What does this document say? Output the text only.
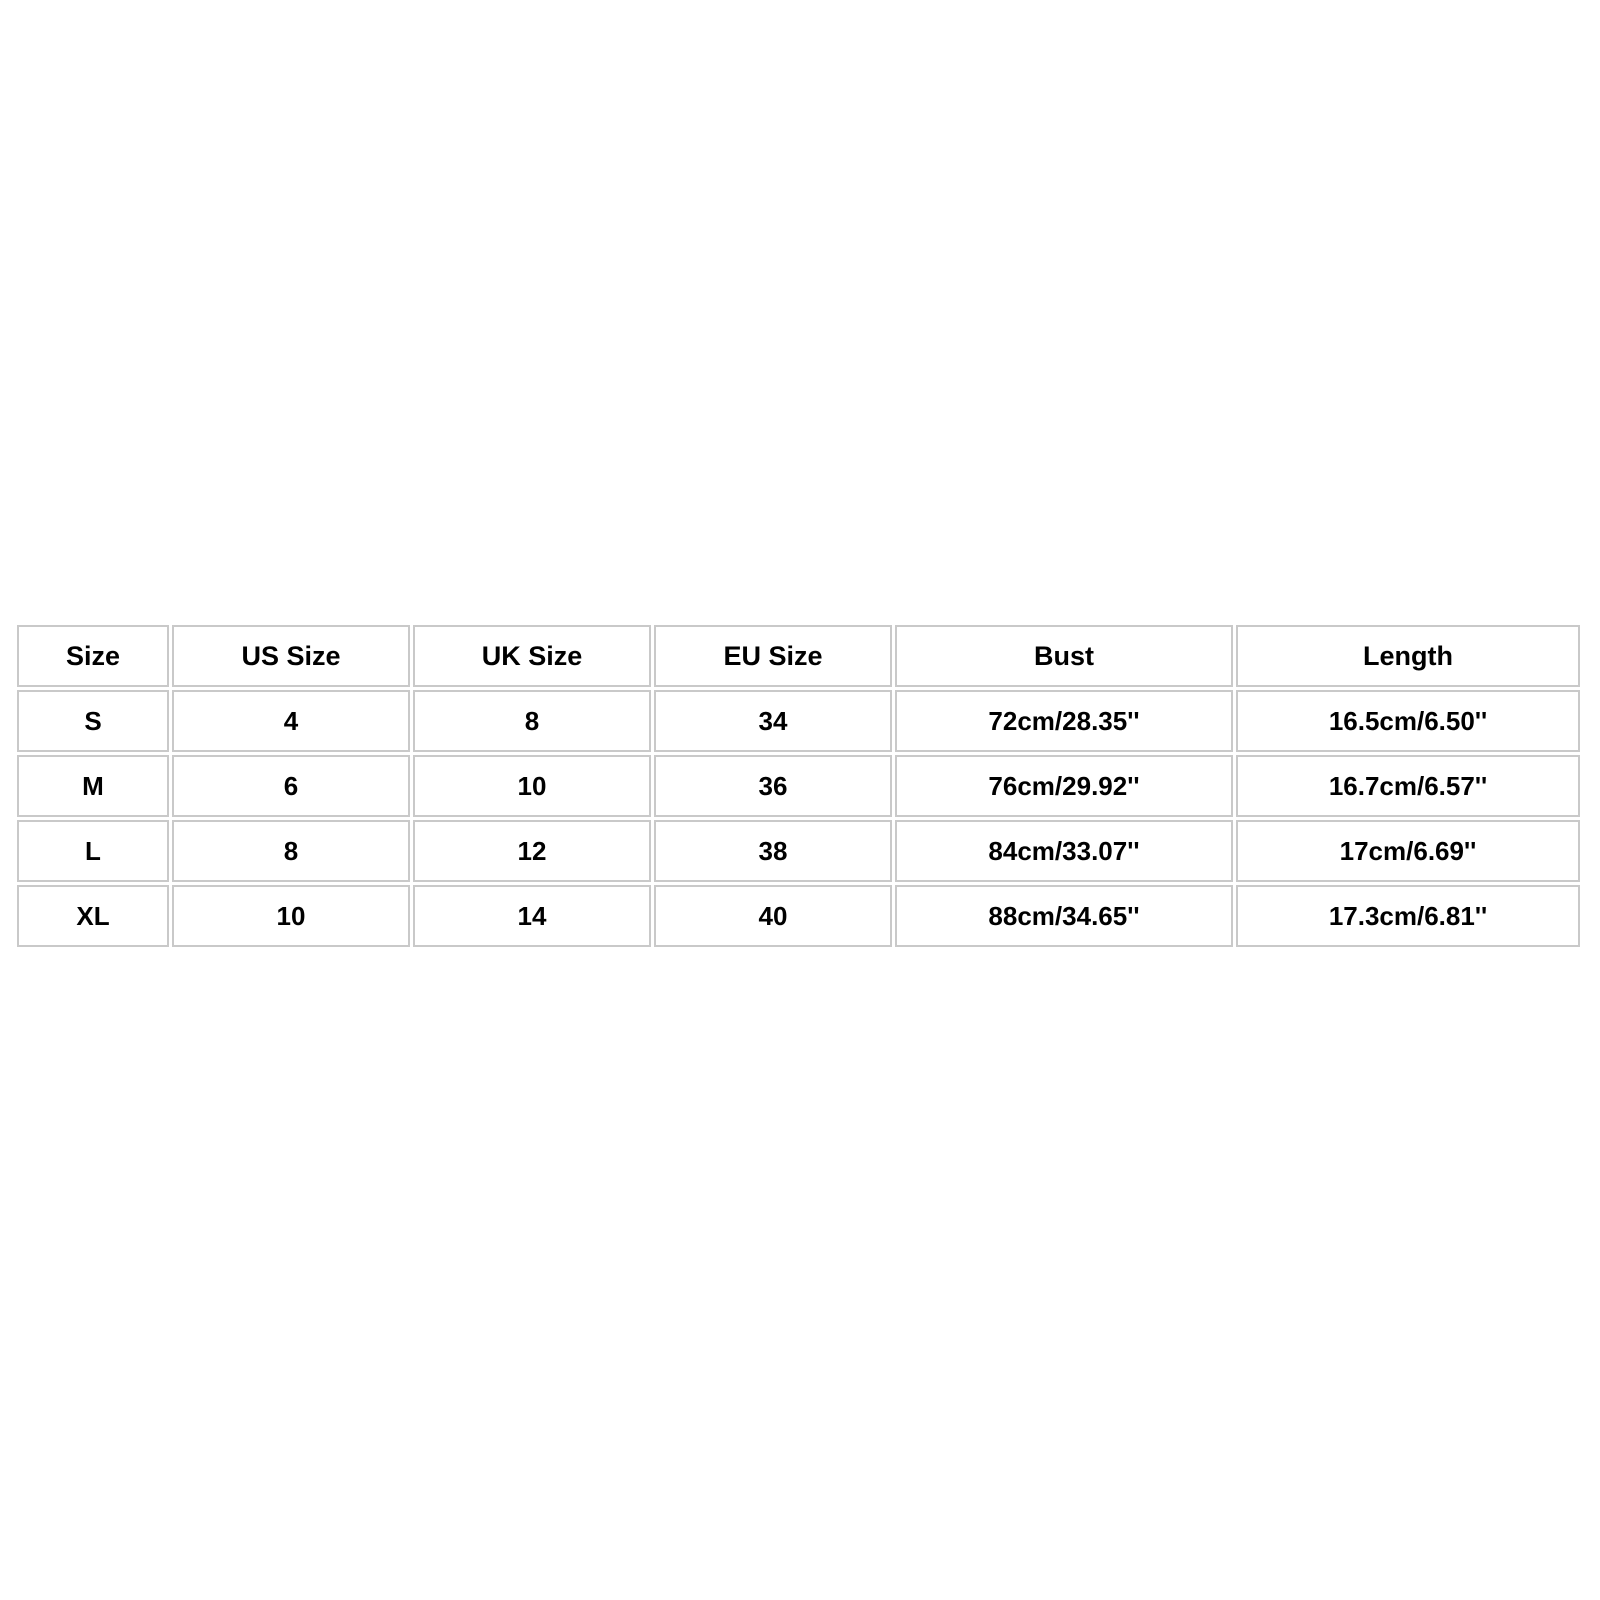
Size	US Size	UK Size	EU Size	Bust	Length
S	4	8	34	72cm/28.35''	16.5cm/6.50''
M	6	10	36	76cm/29.92''	16.7cm/6.57''
L	8	12	38	84cm/33.07''	17cm/6.69''
XL	10	14	40	88cm/34.65''	17.3cm/6.81''
